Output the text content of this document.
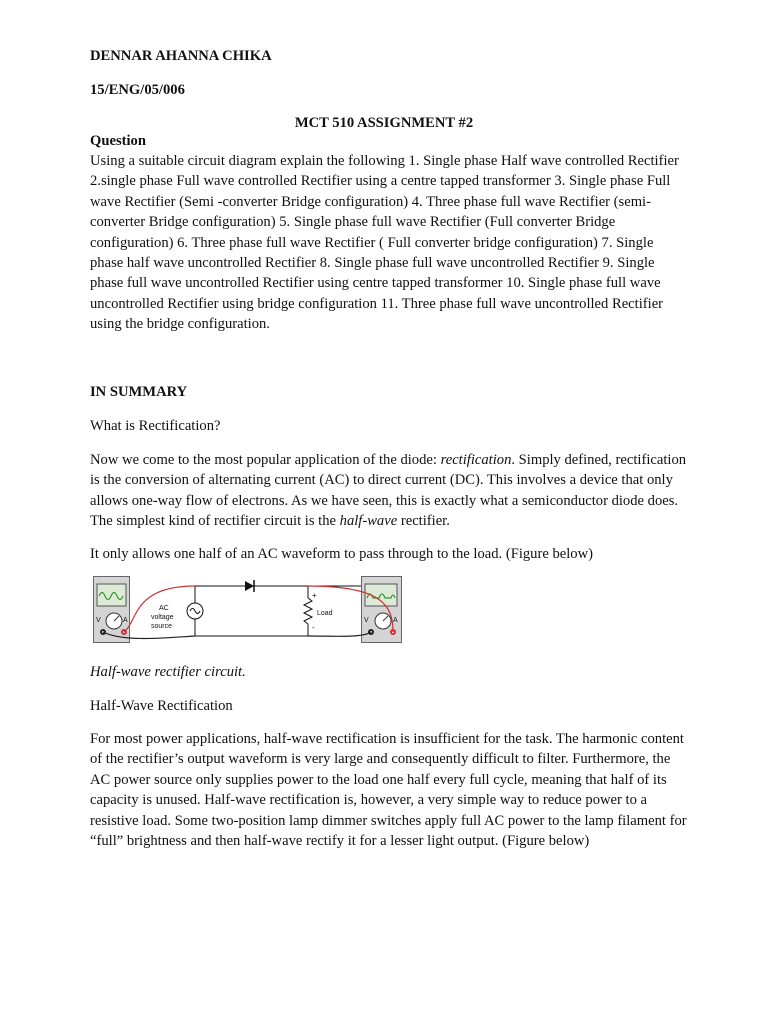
DENNAR AHANNA CHIKA

15/ENG/05/006

MCT 510 ASSIGNMENT #2

Question

Using a suitable circuit diagram explain the following 1. Single phase Half wave controlled Rectifier 2.single phase Full wave controlled Rectifier using a centre tapped transformer 3. Single phase Full wave Rectifier (Semi -converter Bridge configuration) 4. Three phase full wave Rectifier (semi-converter Bridge configuration) 5. Single phase full wave Rectifier (Full converter Bridge configuration) 6. Three phase full wave Rectifier ( Full converter bridge configuration) 7. Single phase half wave uncontrolled Rectifier 8. Single phase full wave uncontrolled Rectifier 9. Single phase full wave uncontrolled Rectifier using centre tapped transformer 10. Single phase full wave uncontrolled Rectifier using bridge configuration 11. Three phase full wave uncontrolled Rectifier using the bridge configuration.

IN SUMMARY

What is Rectification?

Now we come to the most popular application of the diode: rectification. Simply defined, rectification is the conversion of alternating current (AC) to direct current (DC). This involves a device that only allows one-way flow of electrons. As we have seen, this is exactly what a semiconductor diode does. The simplest kind of rectifier circuit is the half-wave rectifier.

It only allows one half of an AC waveform to pass through to the load. (Figure below)

AC
voltage
source
+
Load
-
V	A	V	A

Half-wave rectifier circuit.

Half-Wave Rectification

For most power applications, half-wave rectification is insufficient for the task. The harmonic content of the rectifier’s output waveform is very large and consequently difficult to filter. Furthermore, the AC power source only supplies power to the load one half every full cycle, meaning that half of its capacity is unused. Half-wave rectification is, however, a very simple way to reduce power to a resistive load. Some two-position lamp dimmer switches apply full AC power to the lamp filament for “full” brightness and then half-wave rectify it for a lesser light output. (Figure below)
